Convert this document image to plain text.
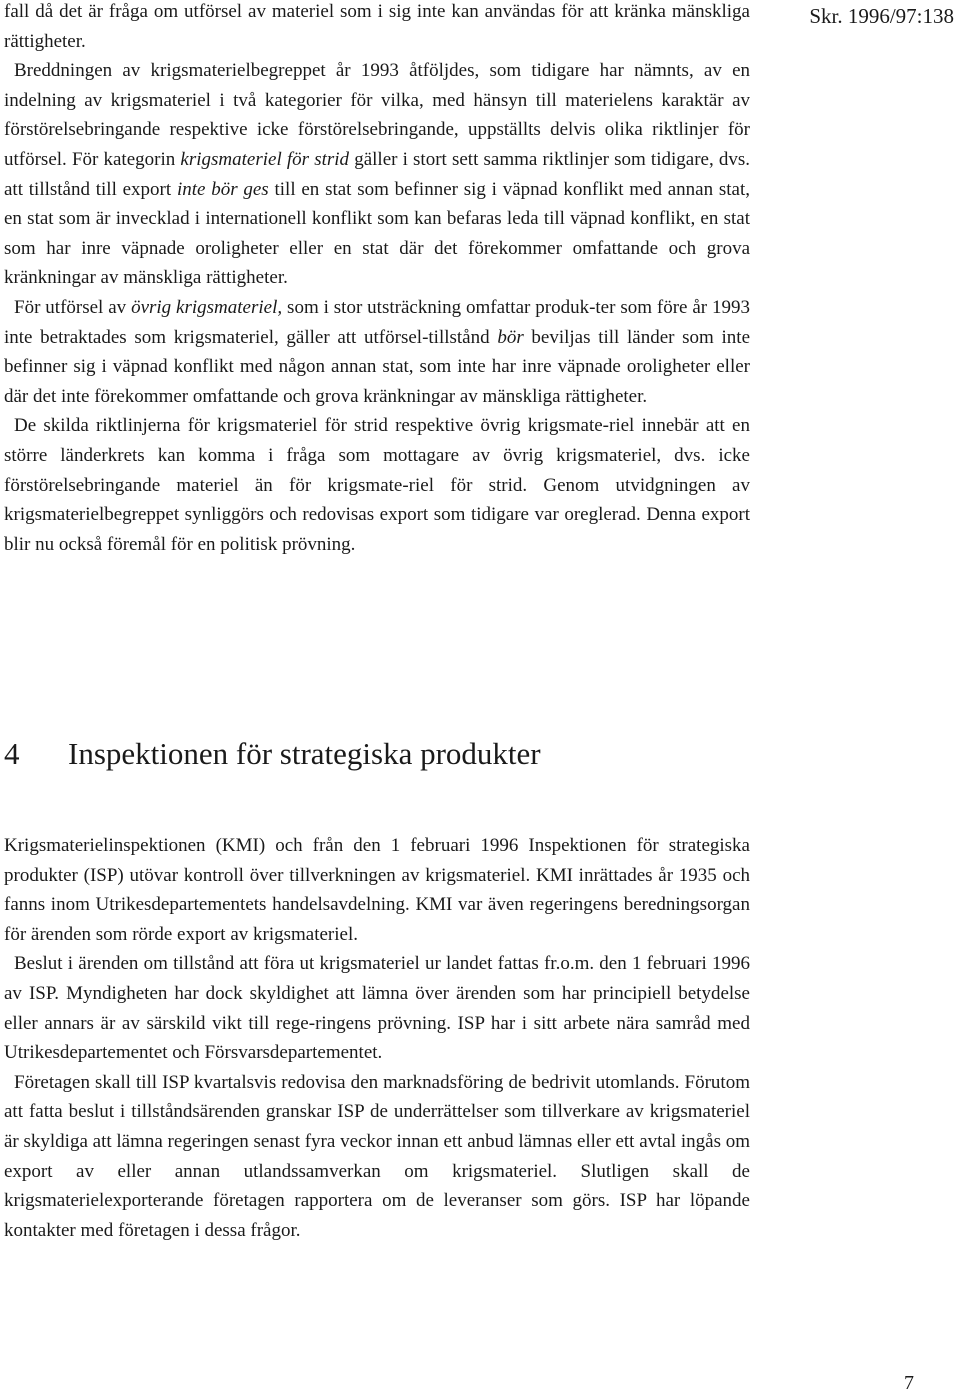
Skr. 1996/97:138

fall då det är fråga om utförsel av materiel som i sig inte kan användas för att kränka mänskliga rättigheter.

Breddningen av krigsmaterielbegreppet år 1993 åtföljdes, som tidigare har nämnts, av en indelning av krigsmateriel i två kategorier för vilka, med hänsyn till materielens karaktär av förstörelsebringande respektive icke förstörelsebringande, uppställts delvis olika riktlinjer för utförsel. För kategorin krigsmateriel för strid gäller i stort sett samma riktlinjer som tidigare, dvs. att tillstånd till export inte bör ges till en stat som befinner sig i väpnad konflikt med annan stat, en stat som är invecklad i internationell konflikt som kan befaras leda till väpnad konflikt, en stat som har inre väpnade oroligheter eller en stat där det förekommer omfattande och grova kränkningar av mänskliga rättigheter.

För utförsel av övrig krigsmateriel, som i stor utsträckning omfattar produk-ter som före år 1993 inte betraktades som krigsmateriel, gäller att utförsel-tillstånd bör beviljas till länder som inte befinner sig i väpnad konflikt med någon annan stat, som inte har inre väpnade oroligheter eller där det inte förekommer omfattande och grova kränkningar av mänskliga rättigheter.

De skilda riktlinjerna för krigsmateriel för strid respektive övrig krigsmate-riel innebär att en större länderkrets kan komma i fråga som mottagare av övrig krigsmateriel, dvs. icke förstörelsebringande materiel än för krigsmate-riel för strid. Genom utvidgningen av krigsmaterielbegreppet synliggörs och redovisas export som tidigare var oreglerad. Denna export blir nu också föremål för en politisk prövning.

4 Inspektionen för strategiska produkter

Krigsmaterielinspektionen (KMI) och från den 1 februari 1996 Inspektionen för strategiska produkter (ISP) utövar kontroll över tillverkningen av krigsmateriel. KMI inrättades år 1935 och fanns inom Utrikesdepartementets handelsavdelning. KMI var även regeringens beredningsorgan för ärenden som rörde export av krigsmateriel.

Beslut i ärenden om tillstånd att föra ut krigsmateriel ur landet fattas fr.o.m. den 1 februari 1996 av ISP. Myndigheten har dock skyldighet att lämna över ärenden som har principiell betydelse eller annars är av särskild vikt till rege-ringens prövning. ISP har i sitt arbete nära samråd med Utrikesdepartementet och Försvarsdepartementet.

Företagen skall till ISP kvartalsvis redovisa den marknadsföring de bedrivit utomlands. Förutom att fatta beslut i tillståndsärenden granskar ISP de underrättelser som tillverkare av krigsmateriel är skyldiga att lämna regeringen senast fyra veckor innan ett anbud lämnas eller ett avtal ingås om export av eller annan utlandssamverkan om krigsmateriel. Slutligen skall de krigsmaterielexporterande företagen rapportera om de leveranser som görs. ISP har löpande kontakter med företagen i dessa frågor.

7
